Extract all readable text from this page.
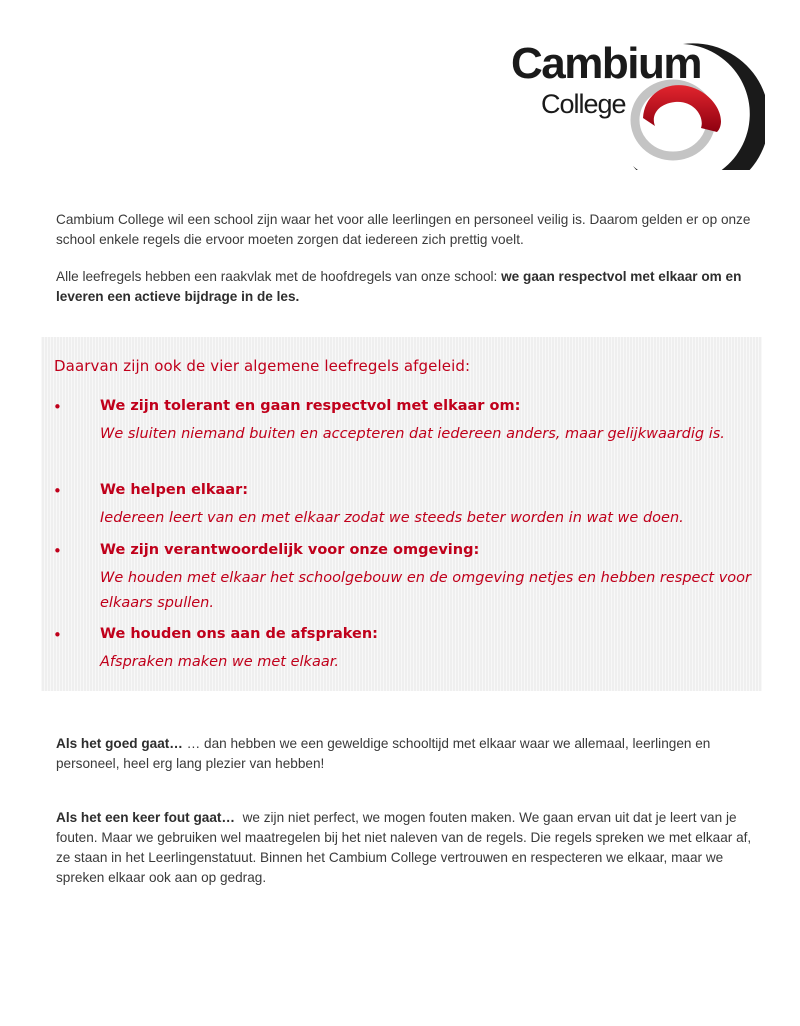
Cambium
College

Cambium College wil een school zijn waar het voor alle leerlingen en personeel veilig is. Daarom gelden er op onze school enkele regels die ervoor moeten zorgen dat iedereen zich prettig voelt.

Alle leefregels hebben een raakvlak met de hoofdregels van onze school: we gaan respectvol met elkaar om en leveren een actieve bijdrage in de les.

Daarvan zijn ook de vier algemene leefregels afgeleid:
•	We zijn tolerant en gaan respectvol met elkaar om:
We sluiten niemand buiten en accepteren dat iedereen anders, maar gelijkwaardig is.
•	We helpen elkaar:
Iedereen leert van en met elkaar zodat we steeds beter worden in wat we doen.
•	We zijn verantwoordelijk voor onze omgeving:
We houden met elkaar het schoolgebouw en de omgeving netjes en hebben respect voor elkaars spullen.
•	We houden ons aan de afspraken:
Afspraken maken we met elkaar.

Als het goed gaat… … dan hebben we een geweldige schooltijd met elkaar waar we allemaal, leerlingen en personeel, heel erg lang plezier van hebben!

Als het een keer fout gaat…  we zijn niet perfect, we mogen fouten maken. We gaan ervan uit dat je leert van je fouten. Maar we gebruiken wel maatregelen bij het niet naleven van de regels. Die regels spreken we met elkaar af, ze staan in het Leerlingenstatuut. Binnen het Cambium College vertrouwen en respecteren we elkaar, maar we spreken elkaar ook aan op gedrag.
